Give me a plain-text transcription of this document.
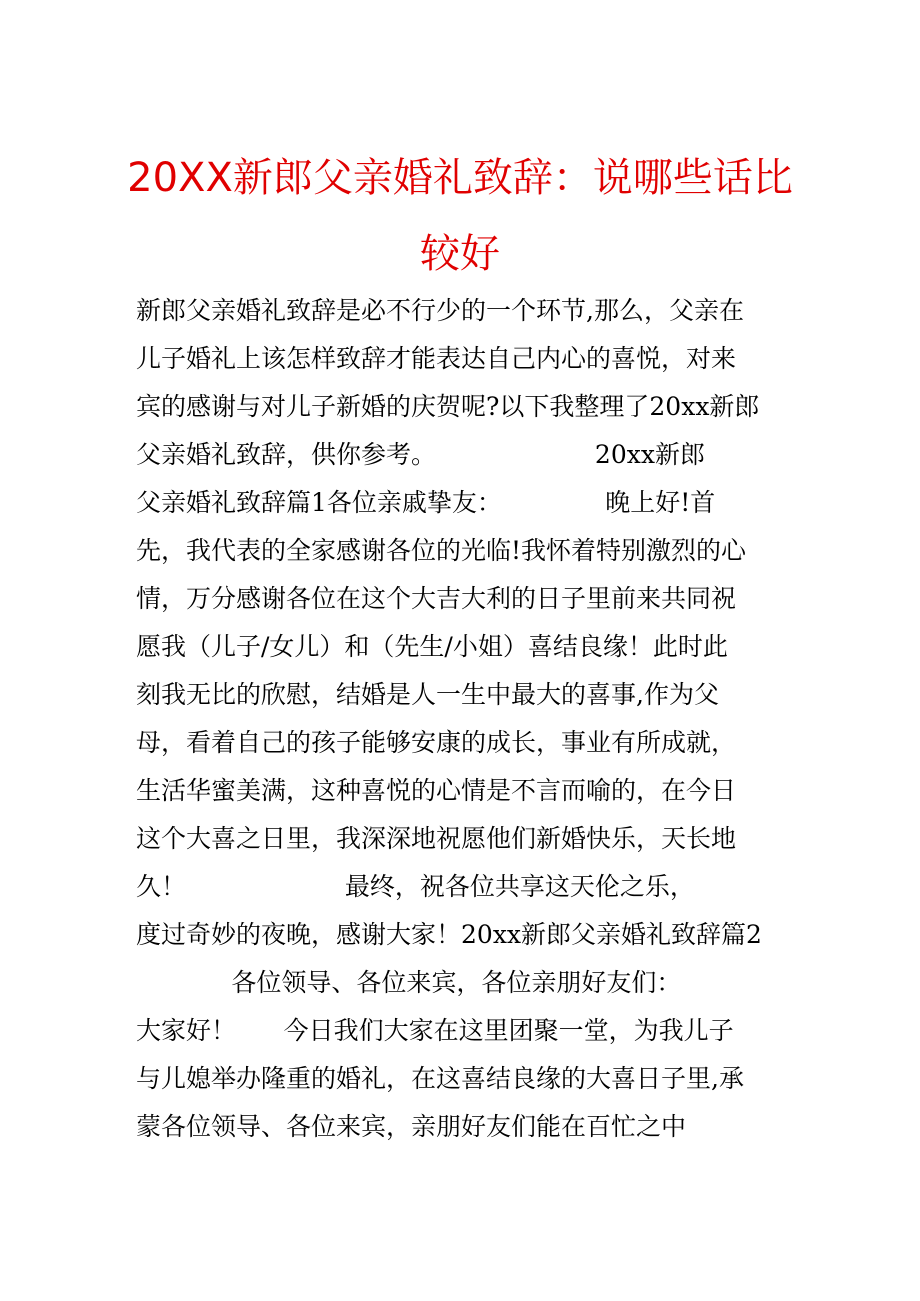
20XX新郎父亲婚礼致辞：说哪些话比较好
新郎父亲婚礼致辞是必不行少的一个环节,那么，父亲在
儿子婚礼上该怎样致辞才能表达自己内心的喜悦，对来
宾的感谢与对儿子新婚的庆贺呢?以下我整理了20xx新郎
父亲婚礼致辞，供你参考。                    20xx新郎
父亲婚礼致辞篇1各位亲戚挚友：             晚上好!首
先，我代表的全家感谢各位的光临!我怀着特别激烈的心
情，万分感谢各位在这个大吉大利的日子里前来共同祝
愿我（儿子/女儿）和（先生/小姐）喜结良缘！此时此
刻我无比的欣慰，结婚是人一生中最大的喜事,作为父
母，看着自己的孩子能够安康的成长，事业有所成就，
生活华蜜美满，这种喜悦的心情是不言而喻的，在今日
这个大喜之日里，我深深地祝愿他们新婚快乐，天长地
久！                    最终，祝各位共享这天伦之乐，
度过奇妙的夜晚，感谢大家！20xx新郎父亲婚礼致辞篇2
各位领导、各位来宾，各位亲朋好友们：
大家好！      今日我们大家在这里团聚一堂，为我儿子
与儿媳举办隆重的婚礼，在这喜结良缘的大喜日子里,承
蒙各位领导、各位来宾，亲朋好友们能在百忙之中
